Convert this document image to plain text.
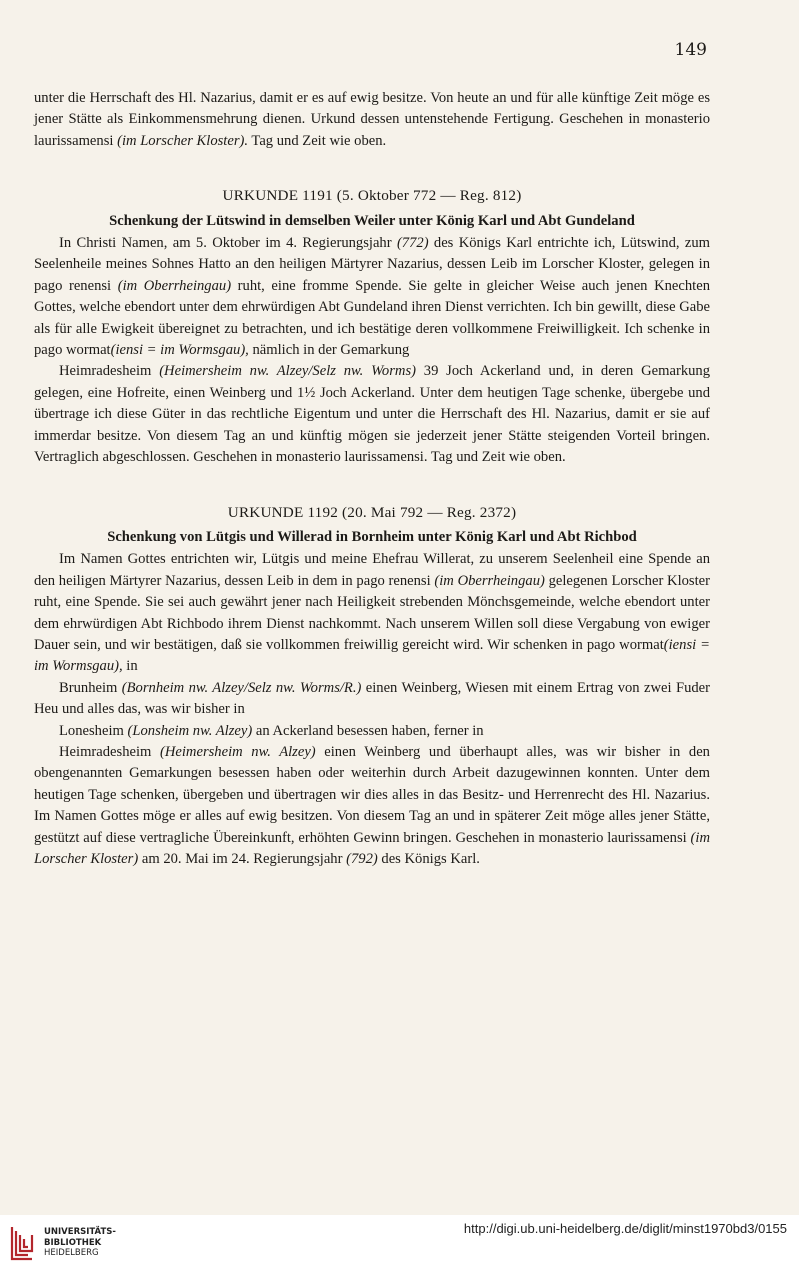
149

unter die Herrschaft des Hl. Nazarius, damit er es auf ewig besitze. Von heute an und für alle künftige Zeit möge es jener Stätte als Einkommensmehrung dienen. Urkund dessen untenstehende Fertigung. Geschehen in monasterio laurissamensi (im Lorscher Kloster). Tag und Zeit wie oben.

URKUNDE 1191 (5. Oktober 772 — Reg. 812)
Schenkung der Lütswind in demselben Weiler unter König Karl und Abt Gundeland

In Christi Namen, am 5. Oktober im 4. Regierungsjahr (772) des Königs Karl entrichte ich, Lütswind, zum Seelenheile meines Sohnes Hatto an den heiligen Märtyrer Nazarius, dessen Leib im Lorscher Kloster, gelegen in pago renensi (im Oberrheingau) ruht, eine fromme Spende. Sie gelte in gleicher Weise auch jenen Knechten Gottes, welche ebendort unter dem ehrwürdigen Abt Gundeland ihren Dienst verrichten. Ich bin gewillt, diese Gabe als für alle Ewigkeit übereignet zu betrachten, und ich bestätige deren vollkommene Freiwilligkeit. Ich schenke in pago wormat(iensi = im Wormsgau), nämlich in der Gemarkung

Heimradesheim (Heimersheim nw. Alzey/Selz nw. Worms) 39 Joch Ackerland und, in deren Gemarkung gelegen, eine Hofreite, einen Weinberg und 1½ Joch Ackerland. Unter dem heutigen Tage schenke, übergebe und übertrage ich diese Güter in das rechtliche Eigentum und unter die Herrschaft des Hl. Nazarius, damit er sie auf immerdar besitze. Von diesem Tag an und künftig mögen sie jederzeit jener Stätte steigenden Vorteil bringen. Vertraglich abgeschlossen. Geschehen in monasterio laurissamensi. Tag und Zeit wie oben.

URKUNDE 1192 (20. Mai 792 — Reg. 2372)
Schenkung von Lütgis und Willerad in Bornheim unter König Karl und Abt Richbod

Im Namen Gottes entrichten wir, Lütgis und meine Ehefrau Willerat, zu unserem Seelenheil eine Spende an den heiligen Märtyrer Nazarius, dessen Leib in dem in pago renensi (im Oberrheingau) gelegenen Lorscher Kloster ruht, eine Spende. Sie sei auch gewährt jener nach Heiligkeit strebenden Mönchsgemeinde, welche ebendort unter dem ehrwürdigen Abt Richbodo ihrem Dienst nachkommt. Nach unserem Willen soll diese Vergabung von ewiger Dauer sein, und wir bestätigen, daß sie vollkommen freiwillig gereicht wird. Wir schenken in pago wormat(iensi = im Wormsgau), in

Brunheim (Bornheim nw. Alzey/Selz nw. Worms/R.) einen Weinberg, Wiesen mit einem Ertrag von zwei Fuder Heu und alles das, was wir bisher in

Lonesheim (Lonsheim nw. Alzey) an Ackerland besessen haben, ferner in

Heimradesheim (Heimersheim nw. Alzey) einen Weinberg und überhaupt alles, was wir bisher in den obengenannten Gemarkungen besessen haben oder weiterhin durch Arbeit dazugewinnen konnten. Unter dem heutigen Tage schenken, übergeben und übertragen wir dies alles in das Besitz- und Herrenrecht des Hl. Nazarius. Im Namen Gottes möge er alles auf ewig besitzen. Von diesem Tag an und in späterer Zeit möge alles jener Stätte, gestützt auf diese vertragliche Übereinkunft, erhöhten Gewinn bringen. Geschehen in monasterio laurissamensi (im Lorscher Kloster) am 20. Mai im 24. Regierungsjahr (792) des Königs Karl.

UNIVERSITÄTS-
BIBLIOTHEK
HEIDELBERG
http://digi.ub.uni-heidelberg.de/diglit/minst1970bd3/0155
